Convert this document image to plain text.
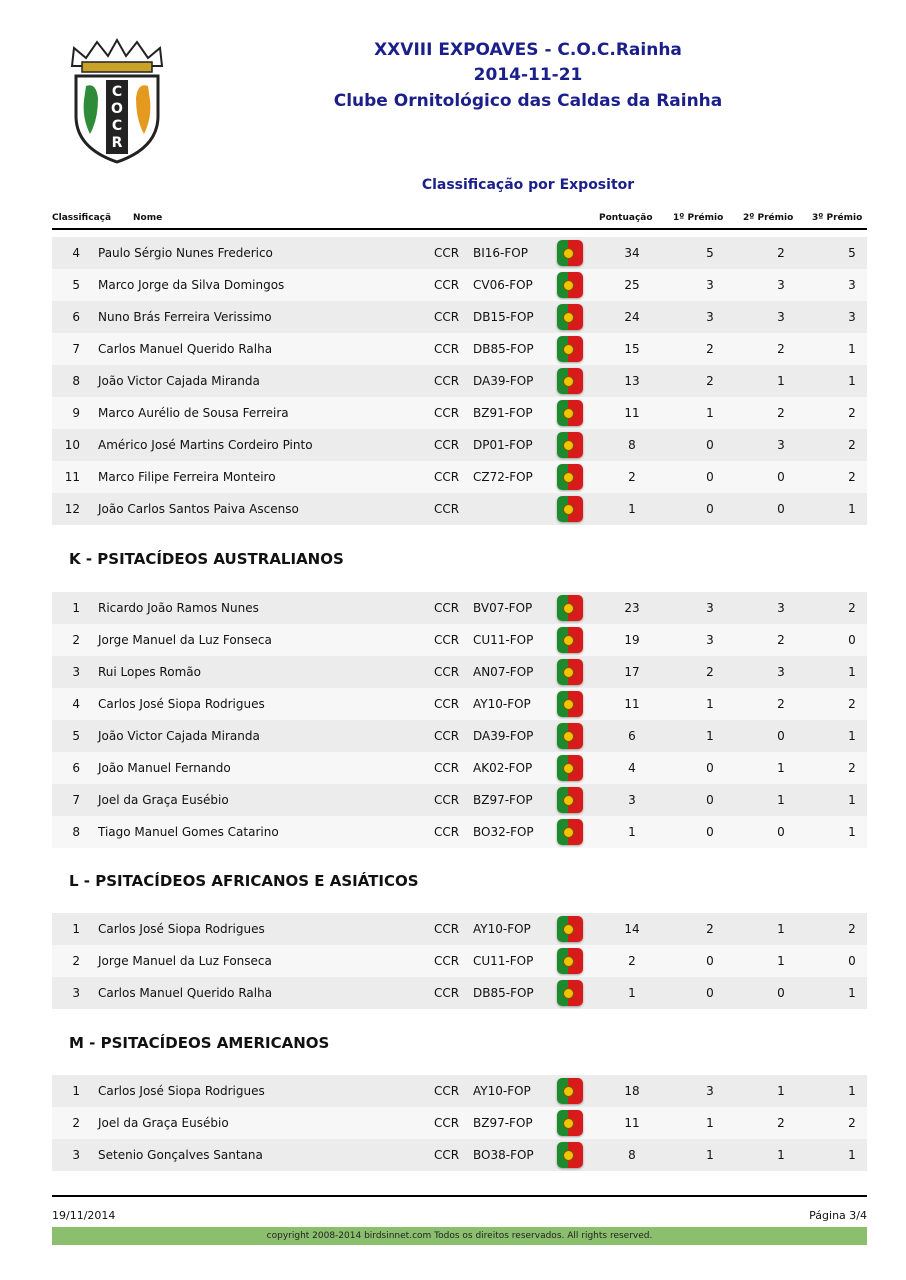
C
O
C
R
XXVIII EXPOAVES - C.O.C.Rainha
2014-11-21
Clube Ornitológico das Caldas da Rainha
Classificação por Expositor
Classificaçã Nome	Pontuação 1º Prémio 2º Prémio 3º Prémio
4 Paulo Sérgio Nunes Frederico	CCR BI16-FOP	34	5	2	5
5 Marco Jorge da Silva Domingos	CCR CV06-FOP	25	3	3	3
6 Nuno Brás Ferreira Verissimo	CCR DB15-FOP	24	3	3	3
7 Carlos Manuel Querido Ralha	CCR DB85-FOP	15	2	2	1
8 João Victor Cajada Miranda	CCR DA39-FOP	13	2	1	1
9 Marco Aurélio de Sousa Ferreira	CCR BZ91-FOP	11	1	2	2
10 Américo José Martins Cordeiro Pinto	CCR DP01-FOP	8	0	3	2
11 Marco Filipe Ferreira Monteiro	CCR CZ72-FOP	2	0	0	2
12 João Carlos Santos Paiva Ascenso	CCR	1	0	0	1
K - PSITACÍDEOS AUSTRALIANOS
1 Ricardo João Ramos Nunes	CCR BV07-FOP	23	3	3	2
2 Jorge Manuel da Luz Fonseca	CCR CU11-FOP	19	3	2	0
3 Rui Lopes Romão	CCR AN07-FOP	17	2	3	1
4 Carlos José Siopa Rodrigues	CCR AY10-FOP	11	1	2	2
5 João Victor Cajada Miranda	CCR DA39-FOP	6	1	0	1
6 João Manuel Fernando	CCR AK02-FOP	4	0	1	2
7 Joel da Graça Eusébio	CCR BZ97-FOP	3	0	1	1
8 Tiago Manuel Gomes Catarino	CCR BO32-FOP	1	0	0	1
L - PSITACÍDEOS AFRICANOS E ASIÁTICOS
1 Carlos José Siopa Rodrigues	CCR AY10-FOP	14	2	1	2
2 Jorge Manuel da Luz Fonseca	CCR CU11-FOP	2	0	1	0
3 Carlos Manuel Querido Ralha	CCR DB85-FOP	1	0	0	1
M - PSITACÍDEOS AMERICANOS
1 Carlos José Siopa Rodrigues	CCR AY10-FOP	18	3	1	1
2 Joel da Graça Eusébio	CCR BZ97-FOP	11	1	2	2
3 Setenio Gonçalves Santana	CCR BO38-FOP	8	1	1	1
19/11/2014	Página 3/4
copyright 2008-2014 birdsinnet.com Todos os direitos reservados. All rights reserved.
